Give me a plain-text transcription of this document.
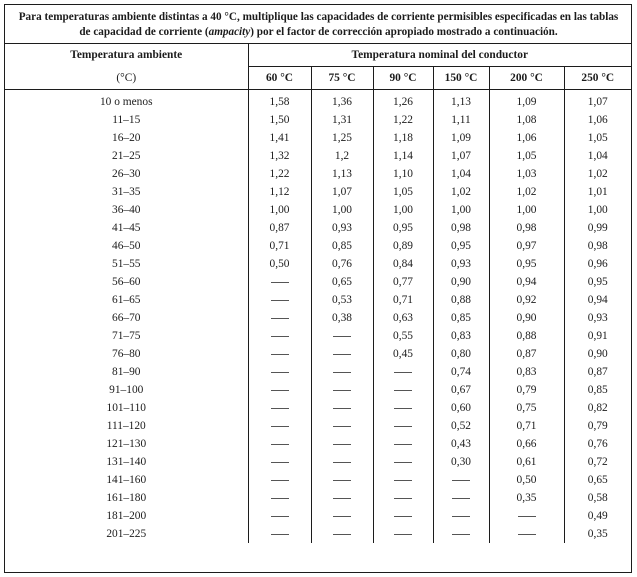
Para temperaturas ambiente distintas a 40 °C, multiplique las capacidades de corriente permisibles especificadas en las tablas de capacidad de corriente (ampacity) por el factor de corrección apropiado mostrado a continuación.
Temperatura ambiente	Temperatura nominal del conductor					
(°C)	60 °C	75 °C	90 °C	150 °C	200 °C	250 °C
10 o menos	1,58	1,36	1,26	1,13	1,09	1,07
11–15	1,50	1,31	1,22	1,11	1,08	1,06
16–20	1,41	1,25	1,18	1,09	1,06	1,05
21–25	1,32	1,2	1,14	1,07	1,05	1,04
26–30	1,22	1,13	1,10	1,04	1,03	1,02
31–35	1,12	1,07	1,05	1,02	1,02	1,01
36–40	1,00	1,00	1,00	1,00	1,00	1,00
41–45	0,87	0,93	0,95	0,98	0,98	0,99
46–50	0,71	0,85	0,89	0,95	0,97	0,98
51–55	0,50	0,76	0,84	0,93	0,95	0,96
56–60		0,65	0,77	0,90	0,94	0,95
61–65		0,53	0,71	0,88	0,92	0,94
66–70		0,38	0,63	0,85	0,90	0,93
71–75			0,55	0,83	0,88	0,91
76–80			0,45	0,80	0,87	0,90
81–90				0,74	0,83	0,87
91–100				0,67	0,79	0,85
101–110				0,60	0,75	0,82
111–120				0,52	0,71	0,79
121–130				0,43	0,66	0,76
131–140				0,30	0,61	0,72
141–160					0,50	0,65
161–180					0,35	0,58
181–200						0,49
201–225						0,35
